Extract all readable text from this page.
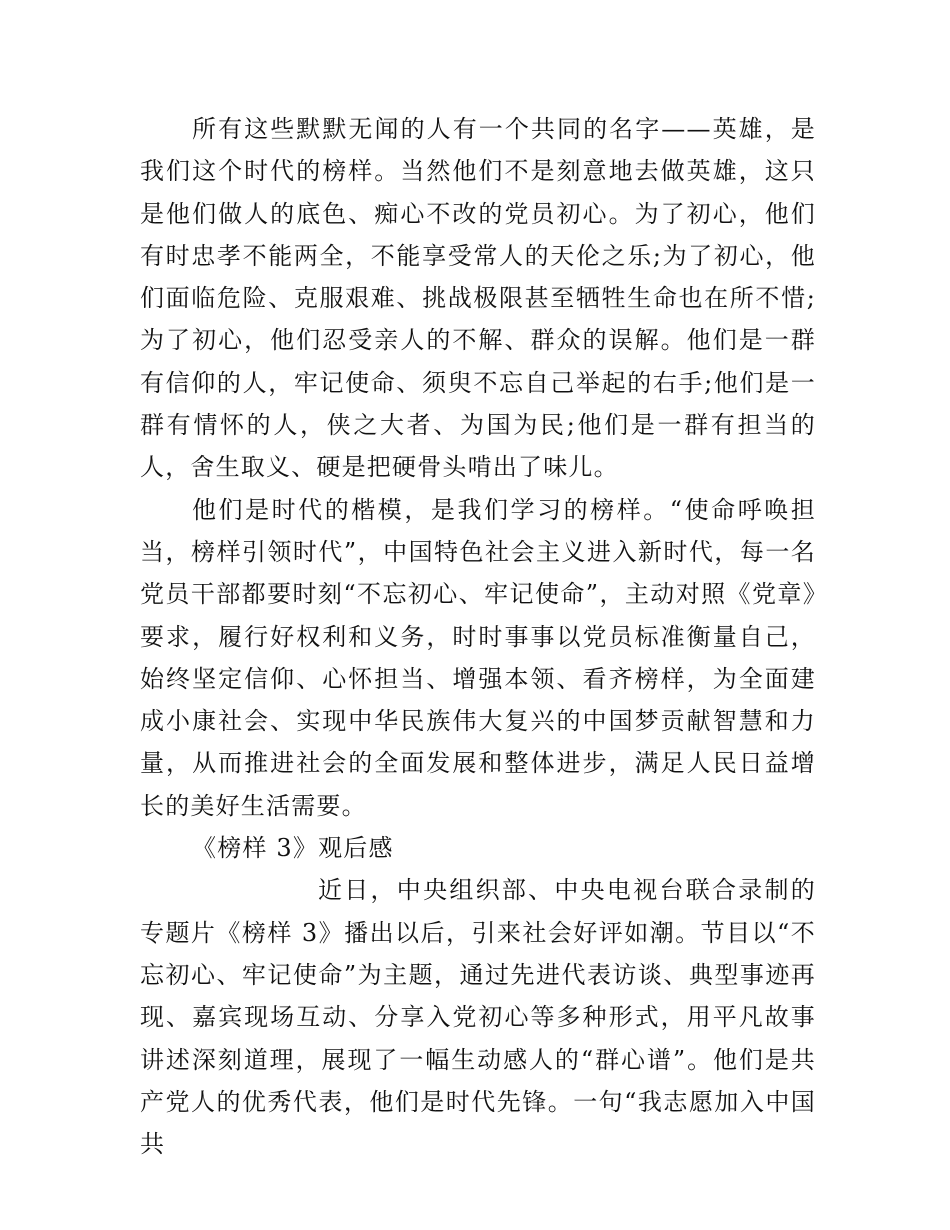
所有这些默默无闻的人有一个共同的名字——英雄，是我们这个时代的榜样。当然他们不是刻意地去做英雄，这只是他们做人的底色、痴心不改的党员初心。为了初心，他们有时忠孝不能两全，不能享受常人的天伦之乐;为了初心，他们面临危险、克服艰难、挑战极限甚至牺牲生命也在所不惜;为了初心，他们忍受亲人的不解、群众的误解。他们是一群有信仰的人，牢记使命、须臾不忘自己举起的右手;他们是一群有情怀的人，侠之大者、为国为民;他们是一群有担当的人，舍生取义、硬是把硬骨头啃出了味儿。

他们是时代的楷模，是我们学习的榜样。“使命呼唤担当，榜样引领时代”，中国特色社会主义进入新时代，每一名党员干部都要时刻“不忘初心、牢记使命”，主动对照《党章》要求，履行好权利和义务，时时事事以党员标准衡量自己，始终坚定信仰、心怀担当、增强本领、看齐榜样，为全面建成小康社会、实现中华民族伟大复兴的中国梦贡献智慧和力量，从而推进社会的全面发展和整体进步，满足人民日益增长的美好生活需要。

《榜样 3》观后感

近日，中央组织部、中央电视台联合录制的专题片《榜样 3》播出以后，引来社会好评如潮。节目以“不忘初心、牢记使命”为主题，通过先进代表访谈、典型事迹再现、嘉宾现场互动、分享入党初心等多种形式，用平凡故事讲述深刻道理，展现了一幅生动感人的“群心谱”。他们是共产党人的优秀代表，他们是时代先锋。一句“我志愿加入中国共
